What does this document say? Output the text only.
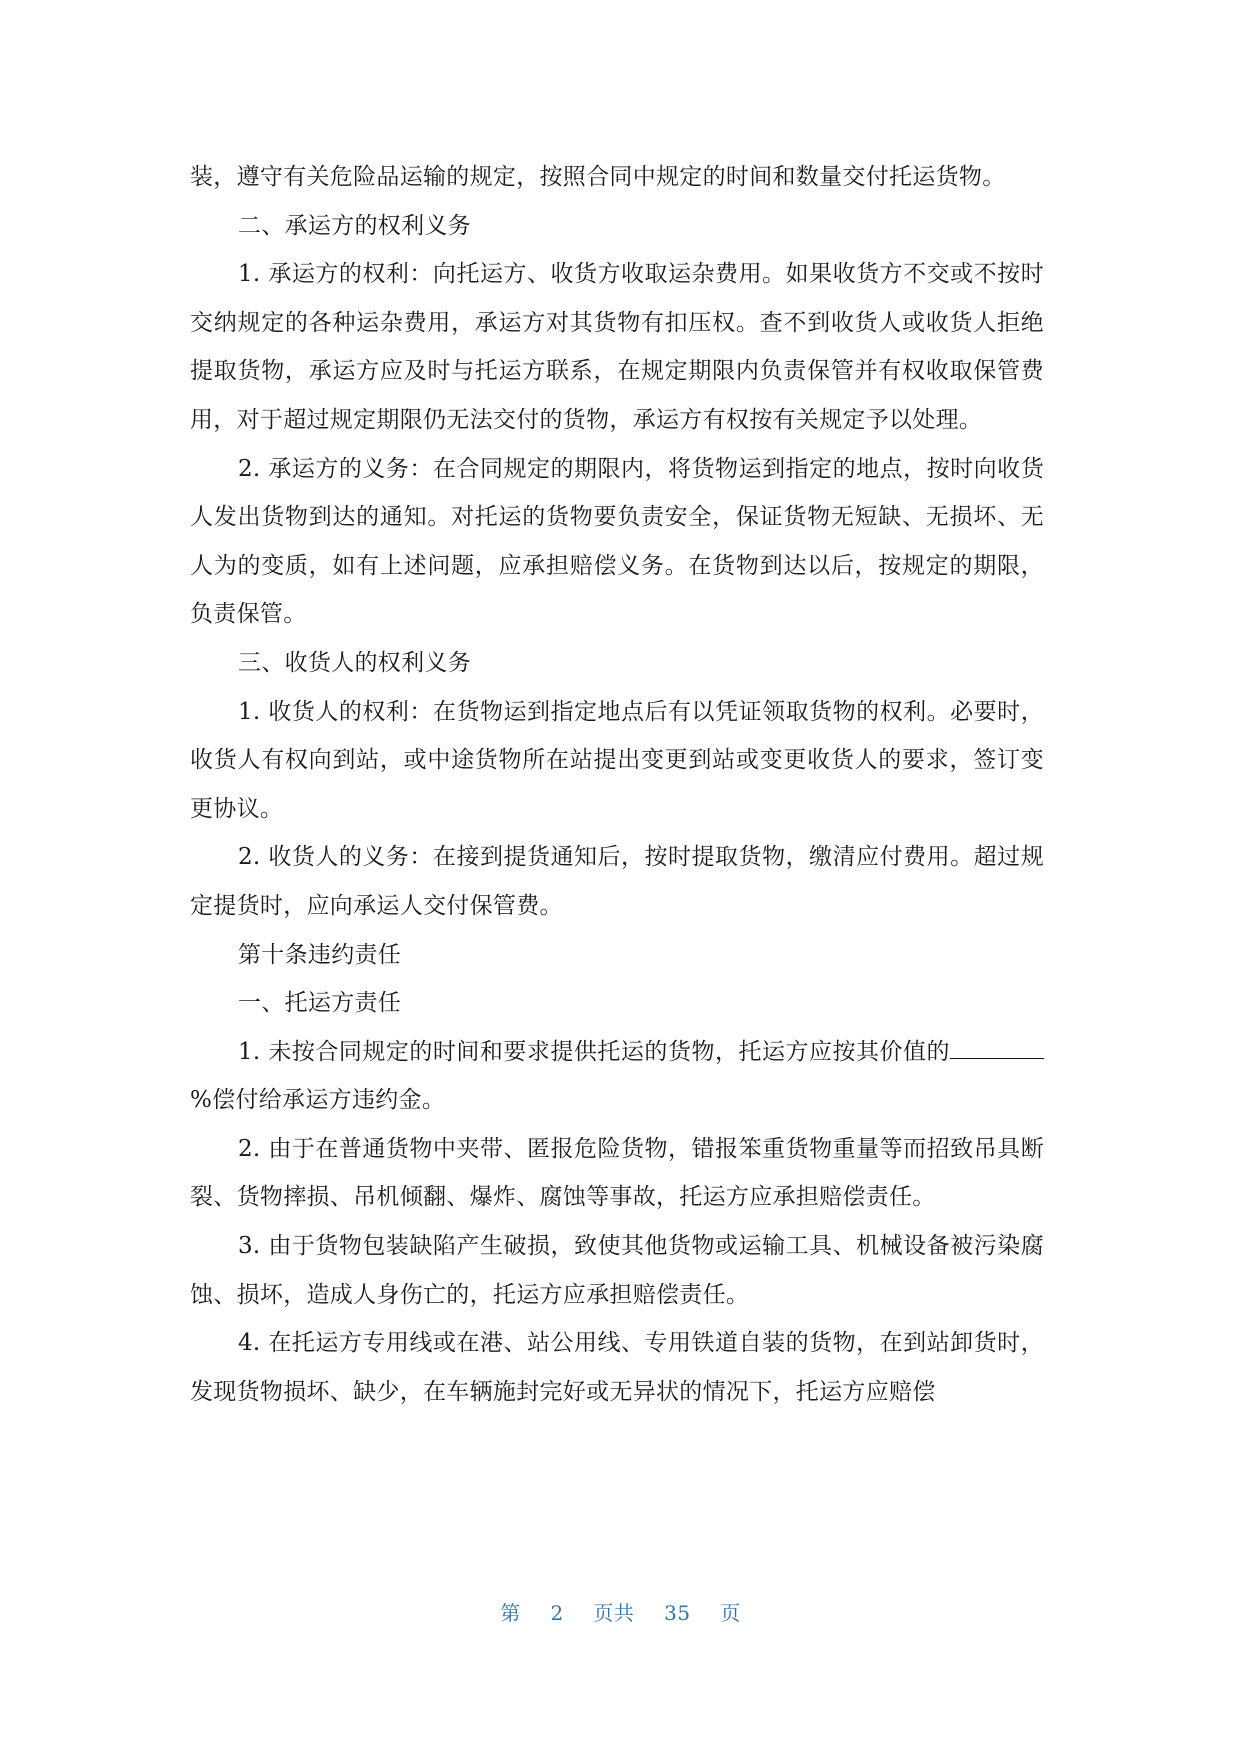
装，遵守有关危险品运输的规定，按照合同中规定的时间和数量交付托运货物。

二、承运方的权利义务

1. 承运方的权利：向托运方、收货方收取运杂费用。如果收货方不交或不按时交纳规定的各种运杂费用，承运方对其货物有扣压权。查不到收货人或收货人拒绝提取货物，承运方应及时与托运方联系，在规定期限内负责保管并有权收取保管费用，对于超过规定期限仍无法交付的货物，承运方有权按有关规定予以处理。

2. 承运方的义务：在合同规定的期限内，将货物运到指定的地点，按时向收货人发出货物到达的通知。对托运的货物要负责安全，保证货物无短缺、无损坏、无人为的变质，如有上述问题，应承担赔偿义务。在货物到达以后，按规定的期限，负责保管。

三、收货人的权利义务

1. 收货人的权利：在货物运到指定地点后有以凭证领取货物的权利。必要时，收货人有权向到站，或中途货物所在站提出变更到站或变更收货人的要求，签订变更协议。

2. 收货人的义务：在接到提货通知后，按时提取货物，缴清应付费用。超过规定提货时，应向承运人交付保管费。

第十条违约责任

一、托运方责任

1. 未按合同规定的时间和要求提供托运的货物，托运方应按其价值的%偿付给承运方违约金。

2. 由于在普通货物中夹带、匿报危险货物，错报笨重货物重量等而招致吊具断裂、货物摔损、吊机倾翻、爆炸、腐蚀等事故，托运方应承担赔偿责任。

3. 由于货物包装缺陷产生破损，致使其他货物或运输工具、机械设备被污染腐蚀、损坏，造成人身伤亡的，托运方应承担赔偿责任。

4. 在托运方专用线或在港、站公用线、专用铁道自装的货物，在到站卸货时，发现货物损坏、缺少，在车辆施封完好或无异状的情况下，托运方应赔偿

第 2 页共 35 页
